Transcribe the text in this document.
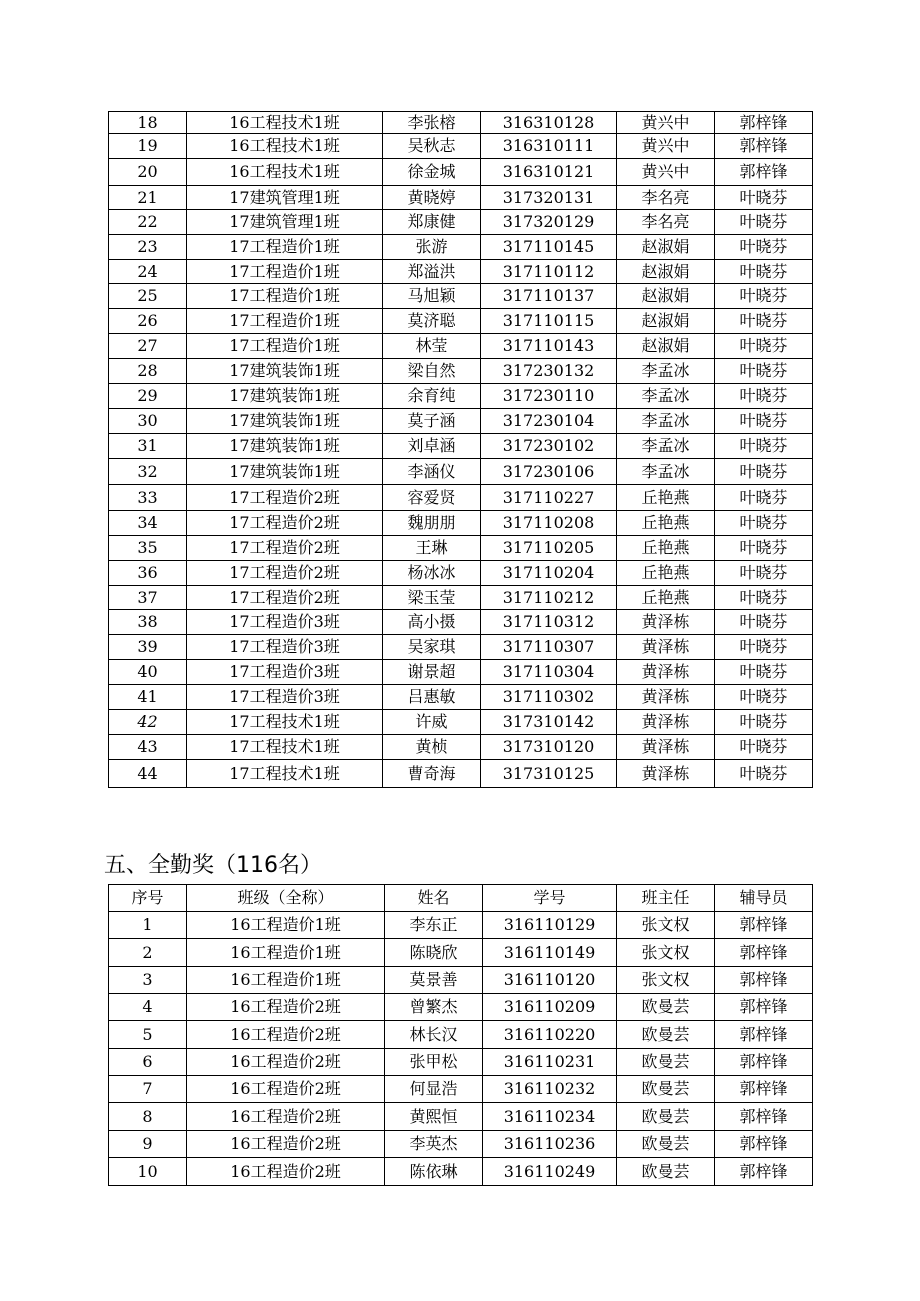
18	16工程技术1班	李张榕	316310128	黄兴中	郭梓锋
19	16工程技术1班	吴秋志	316310111	黄兴中	郭梓锋
20	16工程技术1班	徐金城	316310121	黄兴中	郭梓锋
21	17建筑管理1班	黄晓婷	317320131	李名亮	叶晓芬
22	17建筑管理1班	郑康健	317320129	李名亮	叶晓芬
23	17工程造价1班	张游	317110145	赵淑娟	叶晓芬
24	17工程造价1班	郑溢洪	317110112	赵淑娟	叶晓芬
25	17工程造价1班	马旭颖	317110137	赵淑娟	叶晓芬
26	17工程造价1班	莫济聪	317110115	赵淑娟	叶晓芬
27	17工程造价1班	林莹	317110143	赵淑娟	叶晓芬
28	17建筑装饰1班	梁自然	317230132	李孟冰	叶晓芬
29	17建筑装饰1班	余育纯	317230110	李孟冰	叶晓芬
30	17建筑装饰1班	莫子涵	317230104	李孟冰	叶晓芬
31	17建筑装饰1班	刘卓涵	317230102	李孟冰	叶晓芬
32	17建筑装饰1班	李涵仪	317230106	李孟冰	叶晓芬
33	17工程造价2班	容爱贤	317110227	丘艳燕	叶晓芬
34	17工程造价2班	魏朋朋	317110208	丘艳燕	叶晓芬
35	17工程造价2班	王琳	317110205	丘艳燕	叶晓芬
36	17工程造价2班	杨冰冰	317110204	丘艳燕	叶晓芬
37	17工程造价2班	梁玉莹	317110212	丘艳燕	叶晓芬
38	17工程造价3班	高小摄	317110312	黄泽栋	叶晓芬
39	17工程造价3班	吴家琪	317110307	黄泽栋	叶晓芬
40	17工程造价3班	谢景超	317110304	黄泽栋	叶晓芬
41	17工程造价3班	吕惠敏	317110302	黄泽栋	叶晓芬
42	17工程技术1班	许威	317310142	黄泽栋	叶晓芬
43	17工程技术1班	黄桢	317310120	黄泽栋	叶晓芬
44	17工程技术1班	曹奇海	317310125	黄泽栋	叶晓芬
五、全勤奖（116名）
序号	班级（全称）	姓名	学号	班主任	辅导员
1	16工程造价1班	李东正	316110129	张文权	郭梓锋
2	16工程造价1班	陈晓欣	316110149	张文权	郭梓锋
3	16工程造价1班	莫景善	316110120	张文权	郭梓锋
4	16工程造价2班	曾繁杰	316110209	欧曼芸	郭梓锋
5	16工程造价2班	林长汉	316110220	欧曼芸	郭梓锋
6	16工程造价2班	张甲松	316110231	欧曼芸	郭梓锋
7	16工程造价2班	何显浩	316110232	欧曼芸	郭梓锋
8	16工程造价2班	黄熙恒	316110234	欧曼芸	郭梓锋
9	16工程造价2班	李英杰	316110236	欧曼芸	郭梓锋
10	16工程造价2班	陈依琳	316110249	欧曼芸	郭梓锋
